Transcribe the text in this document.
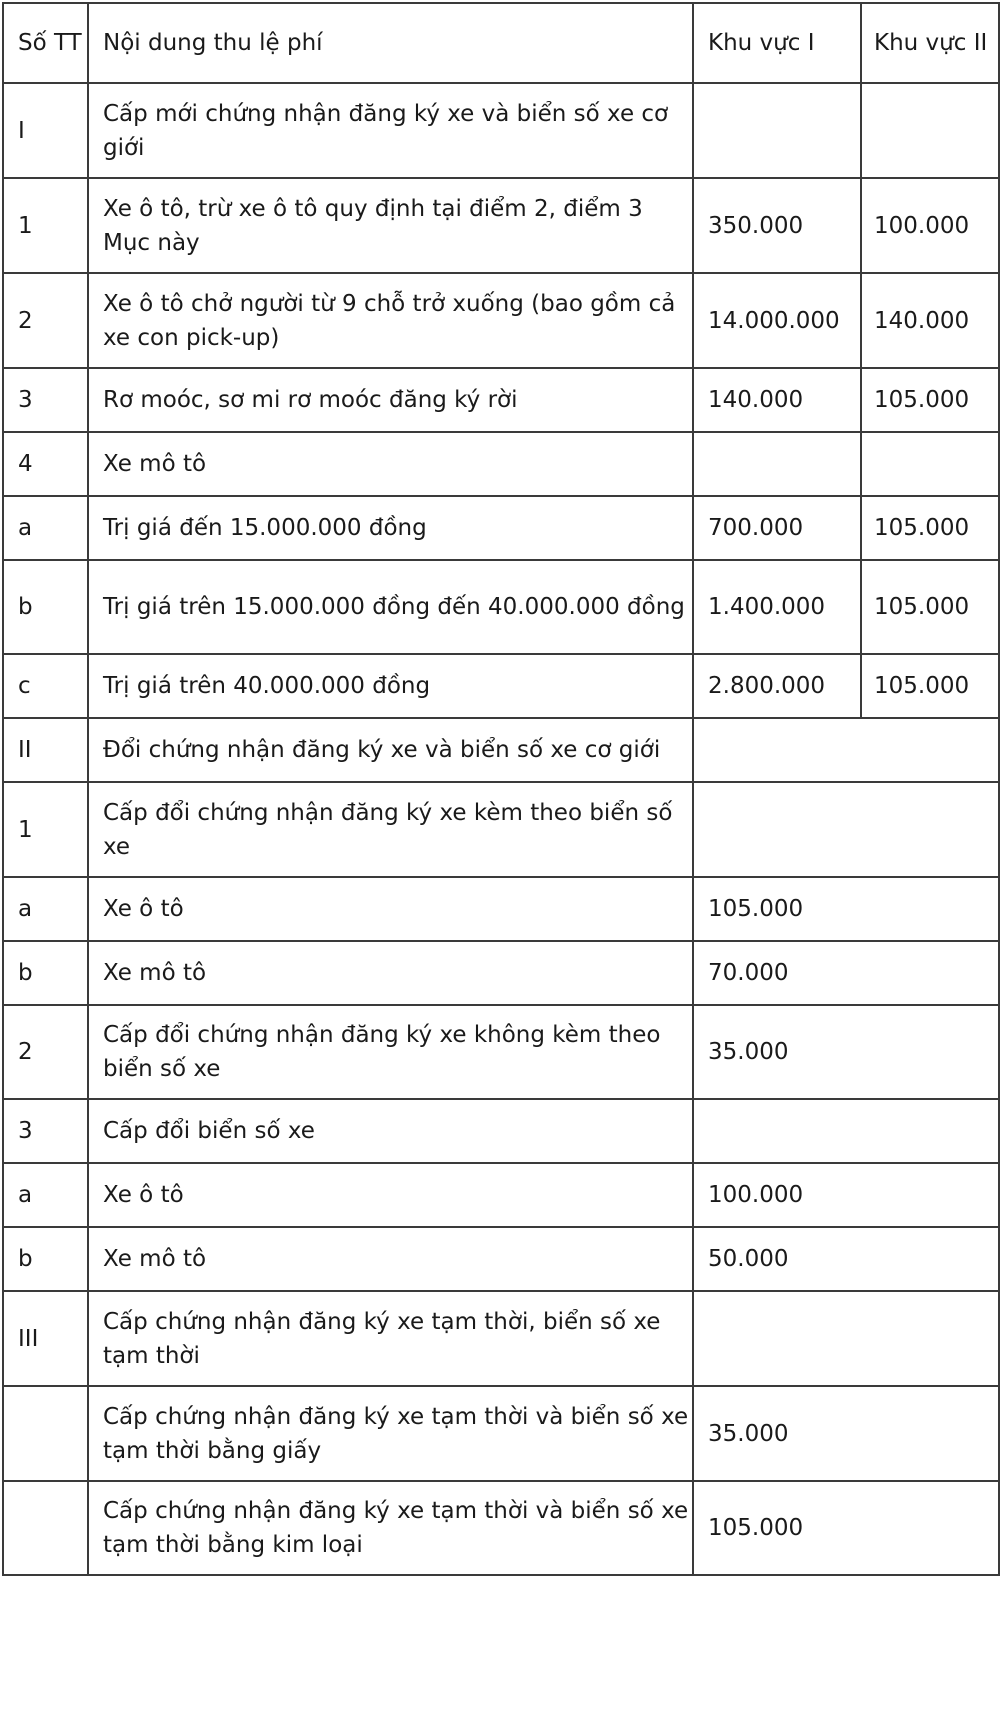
Số TT	Nội dung thu lệ phí	Khu vực I	Khu vực II
I	Cấp mới chứng nhận đăng ký xe và biển số xe cơ giới		
1	Xe ô tô, trừ xe ô tô quy định tại điểm 2, điểm 3 Mục này	350.000	100.000
2	Xe ô tô chở người từ 9 chỗ trở xuống (bao gồm cả xe con pick-up)	14.000.000	140.000
3	Rơ moóc, sơ mi rơ moóc đăng ký rời	140.000	105.000
4	Xe mô tô		
a	Trị giá đến 15.000.000 đồng	700.000	105.000
b	Trị giá trên 15.000.000 đồng đến 40.000.000 đồng	1.400.000	105.000
c	Trị giá trên 40.000.000 đồng	2.800.000	105.000
II	Đổi chứng nhận đăng ký xe và biển số xe cơ giới		
1	Cấp đổi chứng nhận đăng ký xe kèm theo biển số xe		
a	Xe ô tô	105.000	
b	Xe mô tô	70.000	
2	Cấp đổi chứng nhận đăng ký xe không kèm theo biển số xe	35.000	
3	Cấp đổi biển số xe		
a	Xe ô tô	100.000	
b	Xe mô tô	50.000	
III	Cấp chứng nhận đăng ký xe tạm thời, biển số xe tạm thời		
	Cấp chứng nhận đăng ký xe tạm thời và biển số xe tạm thời bằng giấy	35.000	
	Cấp chứng nhận đăng ký xe tạm thời và biển số xe tạm thời bằng kim loại	105.000	
